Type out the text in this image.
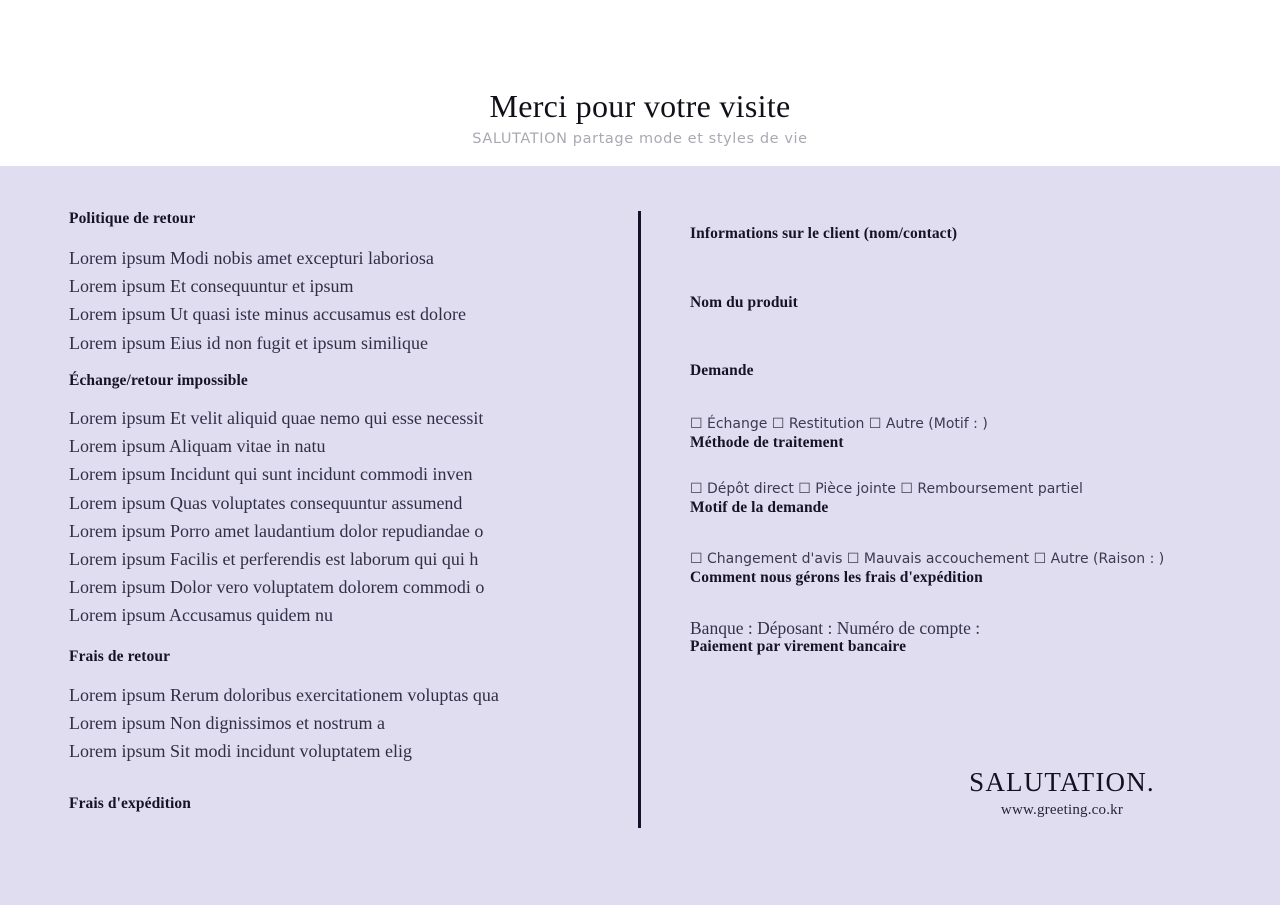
Merci pour votre visite
SALUTATION partage mode et styles de vie
Politique de retour
Lorem ipsum Modi nobis amet excepturi laboriosa
Lorem ipsum Et consequuntur et ipsum
Lorem ipsum Ut quasi iste minus accusamus est dolore
Lorem ipsum Eius id non fugit et ipsum similique
Échange/retour impossible
Lorem ipsum Et velit aliquid quae nemo qui esse necessit
Lorem ipsum Aliquam vitae in natu
Lorem ipsum Incidunt qui sunt incidunt commodi inven
Lorem ipsum Quas voluptates consequuntur assumend
Lorem ipsum Porro amet laudantium dolor repudiandae o
Lorem ipsum Facilis et perferendis est laborum qui qui h
Lorem ipsum Dolor vero voluptatem dolorem commodi o
Lorem ipsum Accusamus quidem nu
Frais de retour
Lorem ipsum Rerum doloribus exercitationem voluptas qua
Lorem ipsum Non dignissimos et nostrum a
Lorem ipsum Sit modi incidunt voluptatem elig
Frais d'expédition
Informations sur le client (nom/contact)
Nom du produit
Demande
☐ Échange ☐ Restitution ☐ Autre (Motif : )
Méthode de traitement
☐ Dépôt direct ☐ Pièce jointe ☐ Remboursement partiel
Motif de la demande
☐ Changement d'avis ☐ Mauvais accouchement ☐ Autre (Raison : )
Comment nous gérons les frais d'expédition
Banque : Déposant : Numéro de compte :
Paiement par virement bancaire
SALUTATION.
www.greeting.co.kr
